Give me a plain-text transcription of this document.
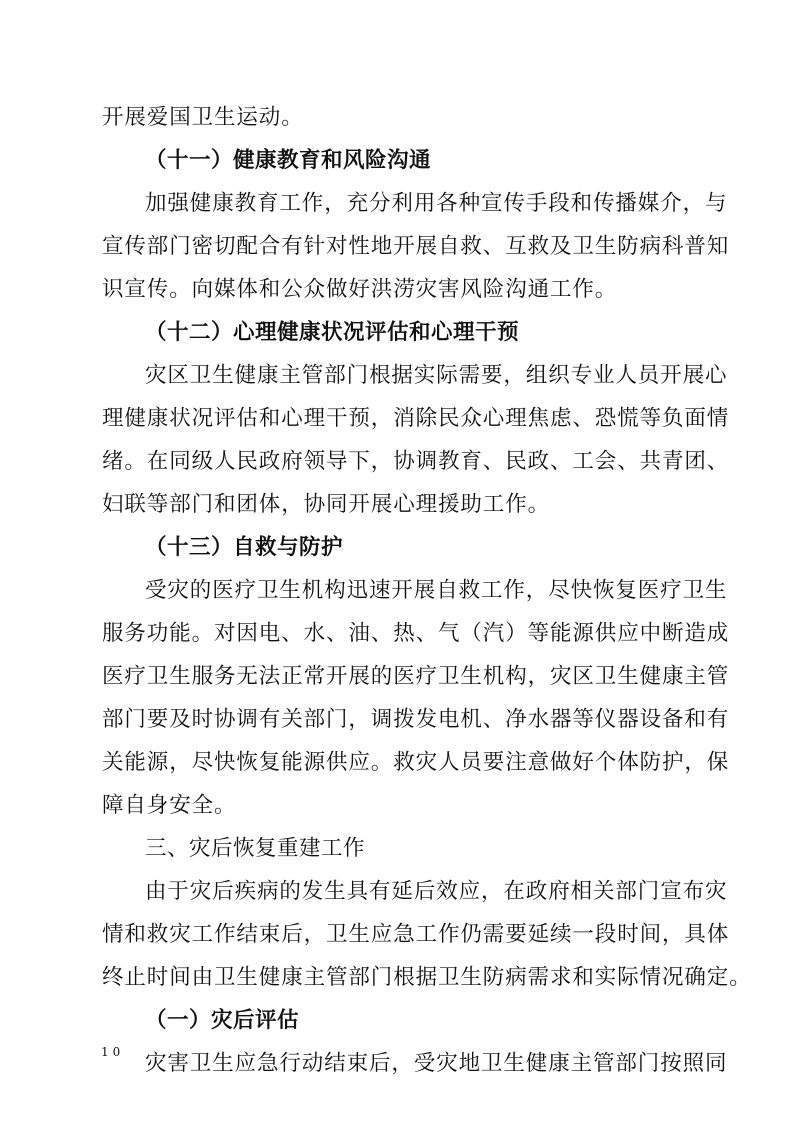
开展爱国卫生运动。
（十一）健康教育和风险沟通
加强健康教育工作，充分利用各种宣传手段和传播媒介，与
宣传部门密切配合有针对性地开展自救、互救及卫生防病科普知
识宣传。向媒体和公众做好洪涝灾害风险沟通工作。
（十二）心理健康状况评估和心理干预
灾区卫生健康主管部门根据实际需要，组织专业人员开展心
理健康状况评估和心理干预，消除民众心理焦虑、恐慌等负面情
绪。在同级人民政府领导下，协调教育、民政、工会、共青团、
妇联等部门和团体，协同开展心理援助工作。
（十三）自救与防护
受灾的医疗卫生机构迅速开展自救工作，尽快恢复医疗卫生
服务功能。对因电、水、油、热、气（汽）等能源供应中断造成
医疗卫生服务无法正常开展的医疗卫生机构，灾区卫生健康主管
部门要及时协调有关部门，调拨发电机、净水器等仪器设备和有
关能源，尽快恢复能源供应。救灾人员要注意做好个体防护，保
障自身安全。
三、灾后恢复重建工作
由于灾后疾病的发生具有延后效应，在政府相关部门宣布灾
情和救灾工作结束后，卫生应急工作仍需要延续一段时间，具体
终止时间由卫生健康主管部门根据卫生防病需求和实际情况确定。
（一）灾后评估
灾害卫生应急行动结束后，受灾地卫生健康主管部门按照同
10
